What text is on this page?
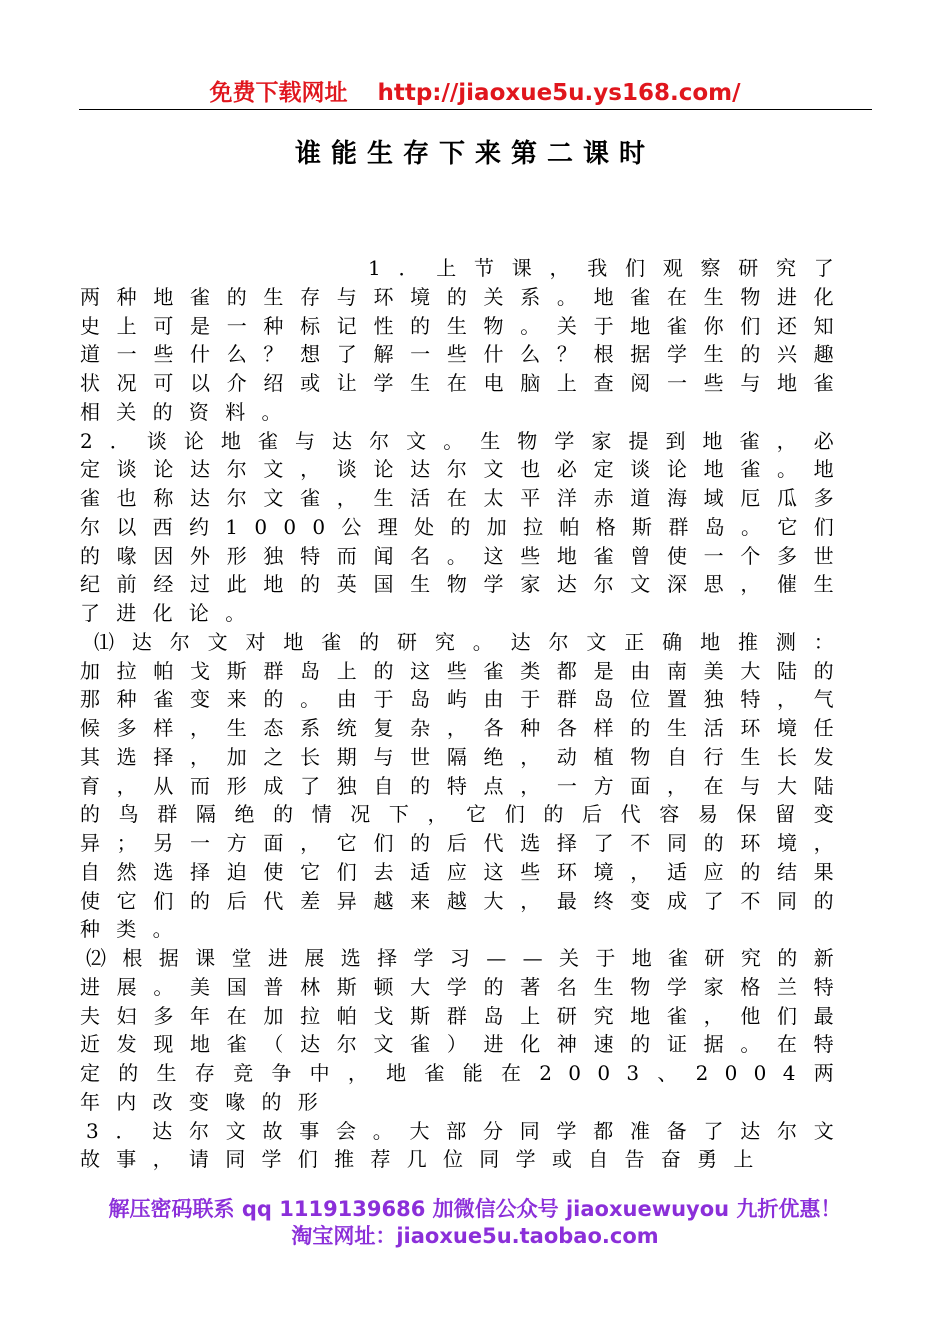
免费下载网址 http://jiaoxue5u.ys168.com/
谁能生存下来第二课时

1．上节课，我们观察研究了两种地雀的生存与环境的关系。地雀在生物进化史上可是一种标记性的生物。关于地雀你们还知道一些什么？想了解一些什么？根据学生的兴趣状况可以介绍或让学生在电脑上查阅一些与地雀相关的资料。

2．谈论地雀与达尔文。生物学家提到地雀，必定谈论达尔文，谈论达尔文也必定谈论地雀。地雀也称达尔文雀，生活在太平洋赤道海域厄瓜多尔以西约1000公理处的加拉帕格斯群岛。它们的喙因外形独特而闻名。这些地雀曾使一个多世纪前经过此地的英国生物学家达尔文深思，催生了进化论。

⑴达尔文对地雀的研究。达尔文正确地推测：加拉帕戈斯群岛上的这些雀类都是由南美大陆的那种雀变来的。由于岛屿由于群岛位置独特，气候多样，生态系统复杂，各种各样的生活环境任其选择，加之长期与世隔绝，动植物自行生长发育，从而形成了独自的特点，一方面，在与大陆的鸟群隔绝的情况下，它们的后代容易保留变异；另一方面，它们的后代选择了不同的环境，自然选择迫使它们去适应这些环境，适应的结果使它们的后代差异越来越大，最终变成了不同的种类。

⑵根据课堂进展选择学习——关于地雀研究的新进展。美国普林斯顿大学的著名生物学家格兰特夫妇多年在加拉帕戈斯群岛上研究地雀，他们最近发现地雀（达尔文雀）进化神速的证据。在特定的生存竞争中，地雀能在2003、2004两年内改变喙的形

3．达尔文故事会。大部分同学都准备了达尔文故事，请同学们推荐几位同学或自告奋勇上

解压密码联系 qq 1119139686 加微信公众号 jiaoxuewuyou 九折优惠！
淘宝网址：jiaoxue5u.taobao.com
